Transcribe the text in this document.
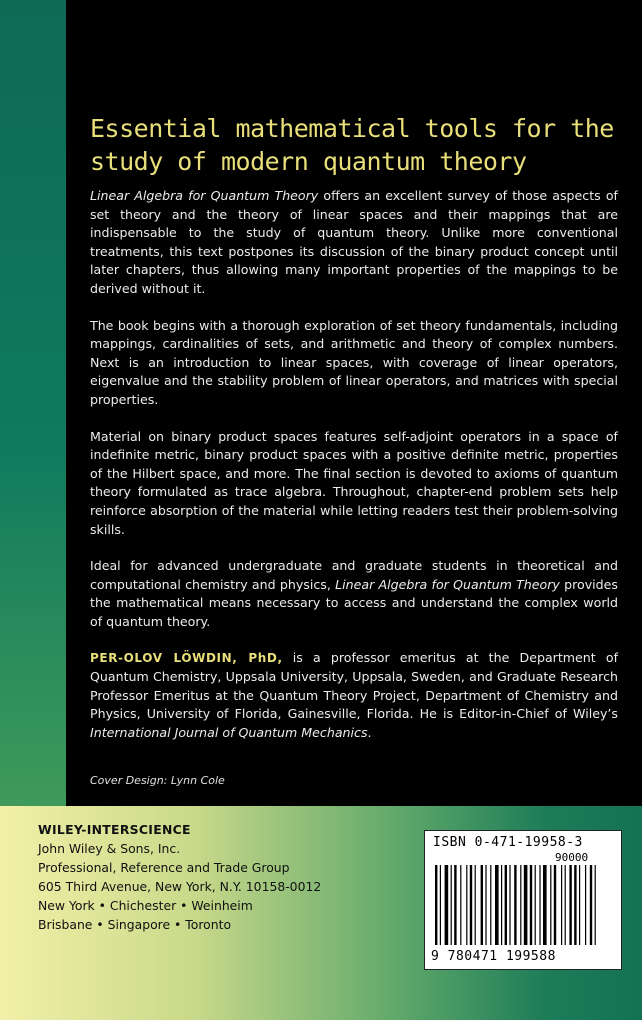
Essential mathematical tools for the
study of modern quantum theory

Linear Algebra for Quantum Theory offers an excellent survey of those aspects of set theory and the theory of linear spaces and their mappings that are indispensable to the study of quantum theory. Unlike more conventional treatments, this text postpones its discussion of the binary product concept until later chapters, thus allowing many important properties of the mappings to be derived without it.

The book begins with a thorough exploration of set theory fundamentals, including mappings, cardinalities of sets, and arithmetic and theory of complex numbers. Next is an introduction to linear spaces, with coverage of linear operators, eigenvalue and the stability problem of linear operators, and matrices with special properties.

Material on binary product spaces features self-adjoint operators in a space of indefinite metric, binary product spaces with a positive definite metric, properties of the Hilbert space, and more. The final section is devoted to axioms of quantum theory formulated as trace algebra. Throughout, chapter-end problem sets help reinforce absorption of the material while letting readers test their problem-solving skills.

Ideal for advanced undergraduate and graduate students in theoretical and computational chemistry and physics, Linear Algebra for Quantum Theory provides the mathematical means necessary to access and understand the complex world of quantum theory.

PER-OLOV LÖWDIN, PhD, is a professor emeritus at the Department of Quantum Chemistry, Uppsala University, Uppsala, Sweden, and Graduate Research Professor Emeritus at the Quantum Theory Project, Department of Chemistry and Physics, University of Florida, Gainesville, Florida. He is Editor-in-Chief of Wiley’s International Journal of Quantum Mechanics.

Cover Design: Lynn Cole
WILEY-INTERSCIENCE
John Wiley & Sons, Inc.
Professional, Reference and Trade Group
605 Third Avenue, New York, N.Y. 10158-0012
New York • Chichester • Weinheim
Brisbane • Singapore • Toronto
ISBN 0-471-19958-3
90000
9 780471 199588
